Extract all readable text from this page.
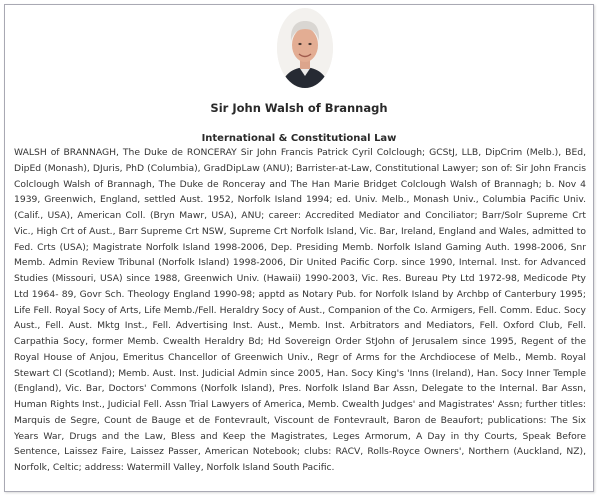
Sir John Walsh of Brannagh
International & Constitutional Law

WALSH of BRANNAGH, The Duke de RONCERAY Sir John Francis Patrick Cyril Colclough; GCStJ, LLB, DipCrim (Melb.), BEd, DipEd (Monash), DJuris, PhD (Columbia), GradDipLaw (ANU); Barrister-at-Law, Constitutional Lawyer; son of: Sir John Francis Colclough Walsh of Brannagh, The Duke de Ronceray and The Han Marie Bridget Colclough Walsh of Brannagh; b. Nov 4 1939, Greenwich, England, settled Aust. 1952, Norfolk Island 1994; ed. Univ. Melb., Monash Univ., Columbia Pacific Univ. (Calif., USA), American Coll. (Bryn Mawr, USA), ANU; career: Accredited Mediator and Conciliator; Barr/Solr Supreme Crt Vic., High Crt of Aust., Barr Supreme Crt NSW, Supreme Crt Norfolk Island, Vic. Bar, Ireland, England and Wales, admitted to Fed. Crts (USA); Magistrate Norfolk Island 1998-2006, Dep. Presiding Memb. Norfolk Island Gaming Auth. 1998-2006, Snr Memb. Admin Review Tribunal (Norfolk Island) 1998-2006, Dir United Pacific Corp. since 1990, Internal. Inst. for Advanced Studies (Missouri, USA) since 1988, Greenwich Univ. (Hawaii) 1990-2003, Vic. Res. Bureau Pty Ltd 1972-98, Medicode Pty Ltd 1964- 89, Govr Sch. Theology England 1990-98; apptd as Notary Pub. for Norfolk Island by Archbp of Canterbury 1995; Life Fell. Royal Socy of Arts, Life Memb./Fell. Heraldry Socy of Aust., Companion of the Co. Armigers, Fell. Comm. Educ. Socy Aust., Fell. Aust. Mktg Inst., Fell. Advertising Inst. Aust., Memb. Inst. Arbitrators and Mediators, Fell. Oxford Club, Fell. Carpathia Socy, former Memb. Cwealth Heraldry Bd; Hd Sovereign Order StJohn of Jerusalem since 1995, Regent of the Royal House of Anjou, Emeritus Chancellor of Greenwich Univ., Regr of Arms for the Archdiocese of Melb., Memb. Royal Stewart Cl (Scotland); Memb. Aust. Inst. Judicial Admin since 2005, Han. Socy King's 'Inns (Ireland), Han. Socy Inner Temple (England), Vic. Bar, Doctors' Commons (Norfolk Island), Pres. Norfolk Island Bar Assn, Delegate to the Internal. Bar Assn, Human Rights Inst., Judicial Fell. Assn Trial Lawyers of America, Memb. Cwealth Judges' and Magistrates' Assn; further titles: Marquis de Segre, Count de Bauge et de Fontevrault, Viscount de Fontevrault, Baron de Beaufort; publications: The Six Years War, Drugs and the Law, Bless and Keep the Magistrates, Leges Armorum, A Day in thy Courts, Speak Before Sentence, Laissez Faire, Laissez Passer, American Notebook; clubs: RACV, Rolls-Royce Owners', Northern (Auckland, NZ), Norfolk, Celtic; address: Watermill Valley, Norfolk Island South Pacific.
